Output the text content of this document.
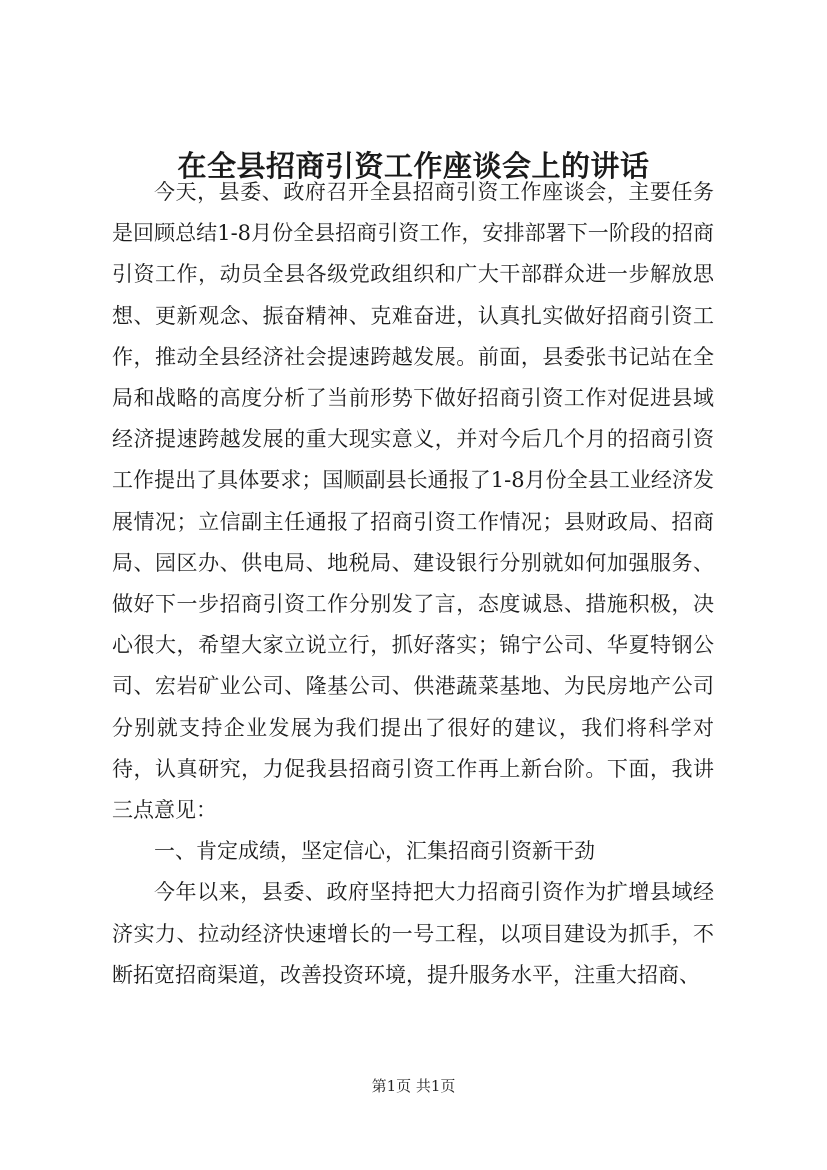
在全县招商引资工作座谈会上的讲话

今天，县委、政府召开全县招商引资工作座谈会，主要任务是回顾总结1-8月份全县招商引资工作，安排部署下一阶段的招商引资工作，动员全县各级党政组织和广大干部群众进一步解放思想、更新观念、振奋精神、克难奋进，认真扎实做好招商引资工作，推动全县经济社会提速跨越发展。前面，县委张书记站在全局和战略的高度分析了当前形势下做好招商引资工作对促进县域经济提速跨越发展的重大现实意义，并对今后几个月的招商引资工作提出了具体要求；国顺副县长通报了1-8月份全县工业经济发展情况；立信副主任通报了招商引资工作情况；县财政局、招商局、园区办、供电局、地税局、建设银行分别就如何加强服务、做好下一步招商引资工作分别发了言，态度诚恳、措施积极，决心很大，希望大家立说立行，抓好落实；锦宁公司、华夏特钢公司、宏岩矿业公司、隆基公司、供港蔬菜基地、为民房地产公司分别就支持企业发展为我们提出了很好的建议，我们将科学对待，认真研究，力促我县招商引资工作再上新台阶。下面，我讲三点意见：

一、肯定成绩，坚定信心，汇集招商引资新干劲

今年以来，县委、政府坚持把大力招商引资作为扩增县域经济实力、拉动经济快速增长的一号工程，以项目建设为抓手，不断拓宽招商渠道，改善投资环境，提升服务水平，注重大招商、

第1页 共1页
